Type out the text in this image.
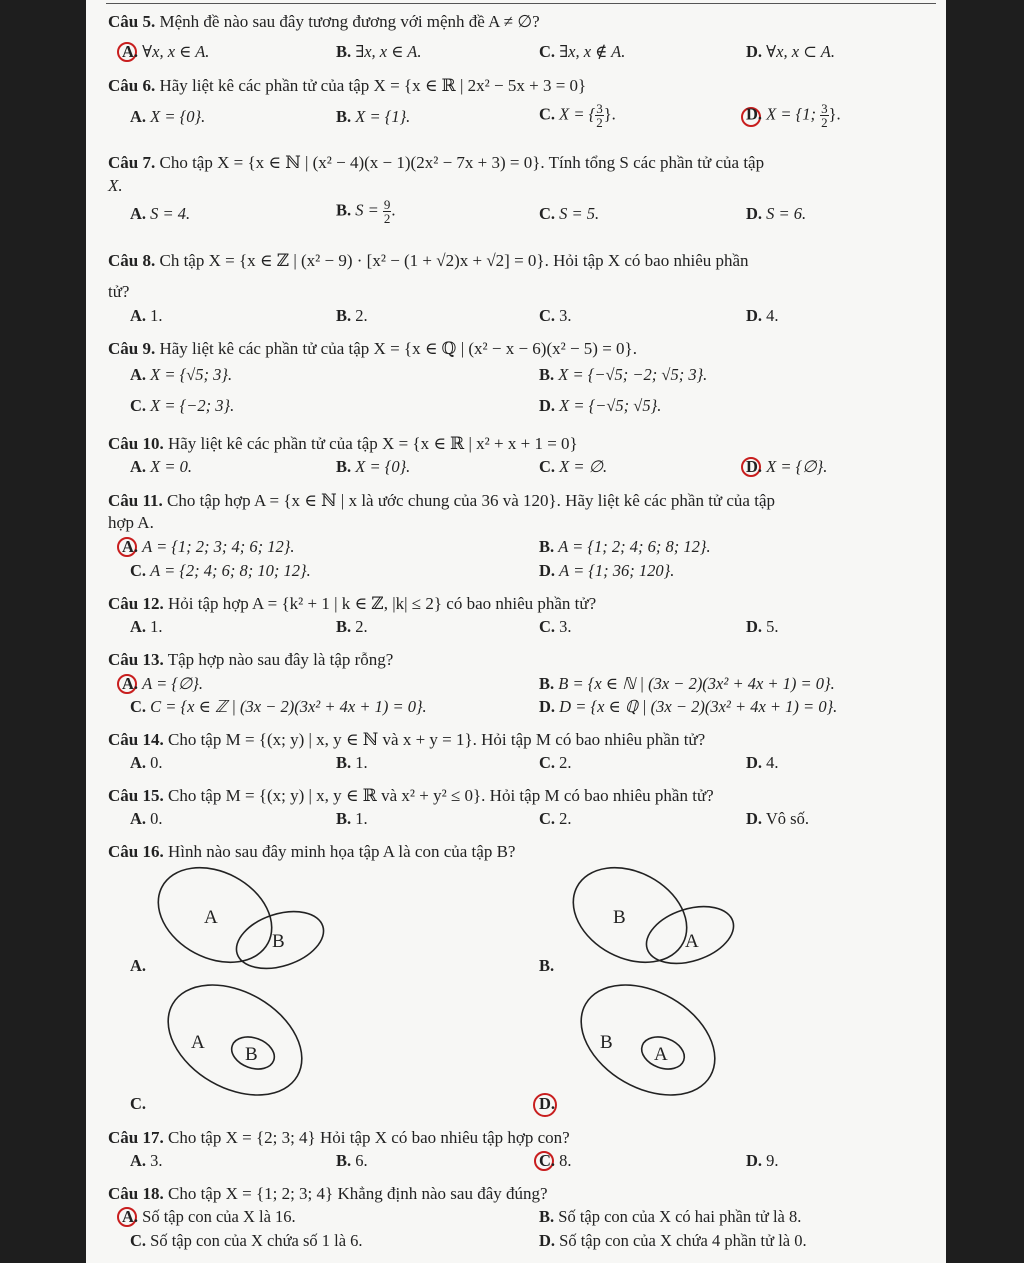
Câu 5. Mệnh đề nào sau đây tương đương với mệnh đề A ≠ ∅?
A. ∀x, x ∈ A.	B. ∃x, x ∈ A.	C. ∃x, x ∉ A.	D. ∀x, x ⊂ A.
Câu 6. Hãy liệt kê các phần tử của tập X = {x ∈ ℝ | 2x² − 5x + 3 = 0}
A. X = {0}.	B. X = {1}.	C. X = { $\frac{3}{2}$ }.	D. X = {1; $\frac{3}{2}$ }.
Câu 7. Cho tập X = {x ∈ ℕ | (x² − 4)(x − 1)(2x² − 7x + 3) = 0}. Tính tổng S các phần tử của tập
X.
A. S = 4.	B. $S = \frac{9}{2}$ .	C. S = 5.	D. S = 6.
Câu 8. Ch tập X = {x ∈ ℤ | (x² − 9) · [x² − (1 + √2)x + √2] = 0}. Hỏi tập X có bao nhiêu phần
tử?
A. 1.	B. 2.	C. 3.	D. 4.
Câu 9. Hãy liệt kê các phần tử của tập X = {x ∈ ℚ | (x² − x − 6)(x² − 5) = 0}.
A. X = {√5; 3}.	B. X = {−√5; −2; √5; 3}.
C. X = {−2; 3}.	D. X = {−√5; √5}.
Câu 10. Hãy liệt kê các phần tử của tập X = {x ∈ ℝ | x² + x + 1 = 0}
A. X = 0.	B. X = {0}.	C. X = ∅.	D. X = {∅}.
Câu 11. Cho tập hợp A = {x ∈ ℕ | x là ước chung của 36 và 120}. Hãy liệt kê các phần tử của tập
hợp A.
A. A = {1; 2; 3; 4; 6; 12}.	B. A = {1; 2; 4; 6; 8; 12}.
C. A = {2; 4; 6; 8; 10; 12}.	D. A = {1; 36; 120}.
Câu 12. Hỏi tập hợp A = {k² + 1 | k ∈ ℤ, |k| ≤ 2} có bao nhiêu phần tử?
A. 1.	B. 2.	C. 3.	D. 5.
Câu 13. Tập hợp nào sau đây là tập rỗng?
A. A = {∅}.	B. B = {x ∈ ℕ | (3x − 2)(3x² + 4x + 1) = 0}.
C. C = {x ∈ ℤ | (3x − 2)(3x² + 4x + 1) = 0}.	D. D = {x ∈ ℚ | (3x − 2)(3x² + 4x + 1) = 0}.
Câu 14. Cho tập M = {(x; y) | x, y ∈ ℕ và x + y = 1}. Hỏi tập M có bao nhiêu phần tử?
A. 0.	B. 1.	C. 2.	D. 4.
Câu 15. Cho tập M = {(x; y) | x, y ∈ ℝ và x² + y² ≤ 0}. Hỏi tập M có bao nhiêu phần tử?
A. 0.	B. 1.	C. 2.	D. Vô số.
Câu 16. Hình nào sau đây minh họa tập A là con của tập B?
A
B
A.
B
A
B.
A
B
C.
B
A
D.
Câu 17. Cho tập X = {2; 3; 4} Hỏi tập X có bao nhiêu tập hợp con?
A. 3.	B. 6.	C. 8.	D. 9.
Câu 18. Cho tập X = {1; 2; 3; 4} Khẳng định nào sau đây đúng?
A. Số tập con của X là 16.	B. Số tập con của X có hai phần tử là 8.
C. Số tập con của X chứa số 1 là 6.	D. Số tập con của X chứa 4 phần tử là 0.
